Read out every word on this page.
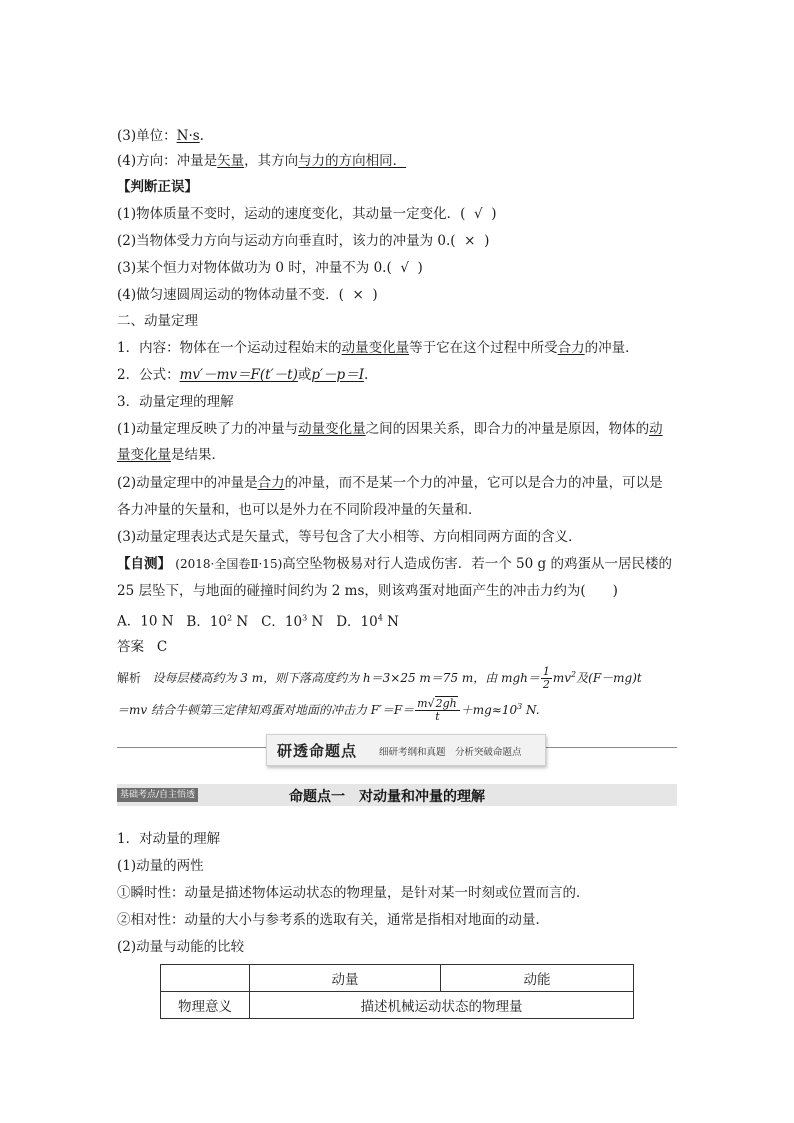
(3)单位：N·s.
(4)方向：冲量是矢量，其方向与力的方向相同．
【判断正误】
(1)物体质量不变时，运动的速度变化，其动量一定变化．( √ )
(2)当物体受力方向与运动方向垂直时，该力的冲量为 0.( × )
(3)某个恒力对物体做功为 0 时，冲量不为 0.( √ )
(4)做匀速圆周运动的物体动量不变．( × )
二、动量定理
1．内容：物体在一个运动过程始末的动量变化量等于它在这个过程中所受合力的冲量．
2．公式：mv′－mv＝F(t′－t)或p′－p＝I.
3．动量定理的理解
(1)动量定理反映了力的冲量与动量变化量之间的因果关系，即合力的冲量是原因，物体的动
量变化量是结果．
(2)动量定理中的冲量是合力的冲量，而不是某一个力的冲量，它可以是合力的冲量，可以是
各力冲量的矢量和，也可以是外力在不同阶段冲量的矢量和．
(3)动量定理表达式是矢量式，等号包含了大小相等、方向相同两方面的含义．
【自测】 (2018·全国卷Ⅱ·15)高空坠物极易对行人造成伤害．若一个 50 g 的鸡蛋从一居民楼的
25 层坠下，与地面的碰撞时间约为 2 ms，则该鸡蛋对地面产生的冲击力约为(　　)
A．10 N B．$10^2$ N C．$10^3$ N D．$10^4$ N
答案 C
解析 设每层楼高约为 3 m，则下落高度约为 h＝3×25 m＝75 m，由 $mgh= \frac{1}{2} mv^2$及(F－mg)t
＝mv 结合牛顿第三定律知鸡蛋对地面的冲击力 $F'=F= \frac{m√2gh}{t} +mg\approx 10^3$ N.
研透命题点 细研考纲和真题　分析突破命题点
基础考点/自主悟透	命题点一　对动量和冲量的理解
1．对动量的理解
(1)动量的两性
①瞬时性：动量是描述物体运动状态的物理量，是针对某一时刻或位置而言的．
②相对性：动量的大小与参考系的选取有关，通常是指相对地面的动量．
(2)动量与动能的比较
	动量	动能
物理意义	描述机械运动状态的物理量	
